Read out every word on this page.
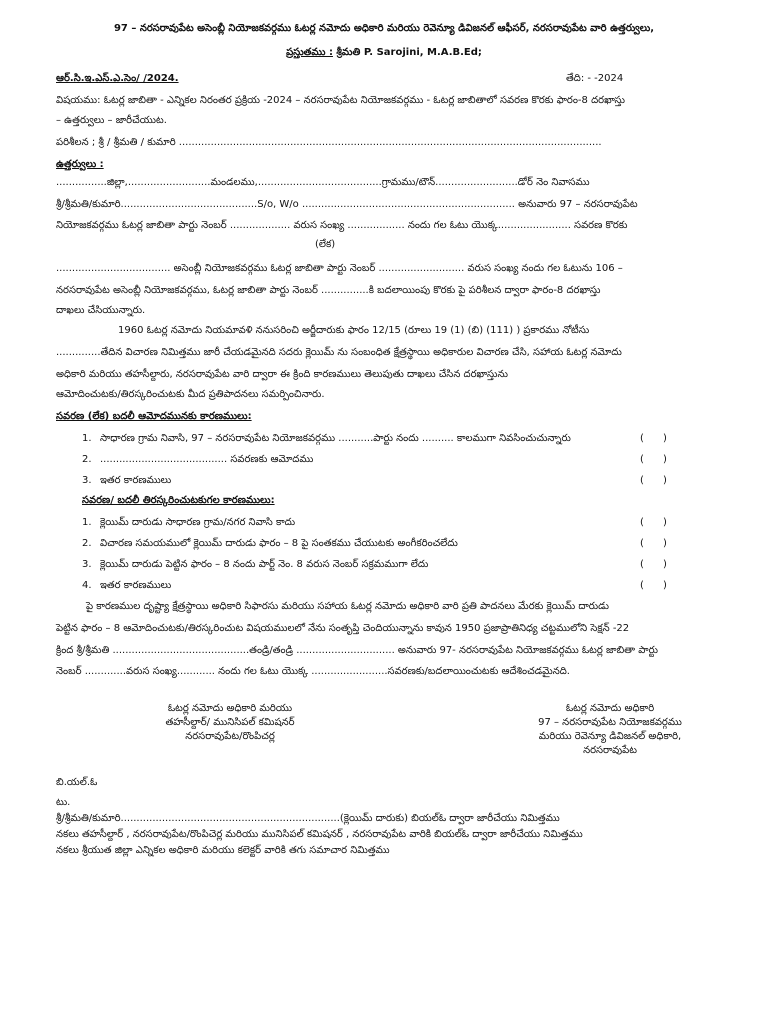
97 – నరసరావుపేట అసెంబ్లీ నియోజకవర్గము ఓటర్ల నమోదు అధికారి మరియు రెవెన్యూ డివిజనల్ ఆఫీసర్, నరసరావుపేట వారి ఉత్తర్వులు,
ప్రస్తుతము : శ్రీమతి P. Sarojini, M.A.B.Ed;
ఆర్.సి.ఇ.ఎస్.ఎ.సెం/ /2024.	తేది: - -2024
విషయము: ఓటర్ల జాబితా - ఎన్నికల నిరంతర ప్రక్రియ -2024 – నరసరావుపేట నియోజకవర్గము - ఓటర్ల జాబితాలో సవరణ కొరకు ఫారం-8 దరఖాస్తు
– ఉత్తర్వులు – జారీచేయుట.
పరిశీలన ; శ్రీ / శ్రీమతి / కుమారి .....................................................................................................................................
ఉత్తర్వులు :
................జిల్లా,..........................మండలము,.......................................గ్రామము/టౌన్..........................డోర్ నెం నివాసము
శ్రీ/శ్రీమతి/కుమారి...........................................S/o, W/o ................................................................... అనువారు 97 – నరసరావుపేట
నియోజకవర్గము ఓటర్ల జాబితా పార్టు నెంబర్ ................... వరుస సంఖ్య .................. నందు గల ఓటు యొక్క....................... సవరణ కొరకు
(లేక)
.................................... అసెంబ్లీ నియోజకవర్గము ఓటర్ల జాబితా పార్టు నెంబర్ ........................... వరుస సంఖ్య నందు గల ఓటును 106 –
నరసరావుపేట అసెంబ్లీ నియోజకవర్గము, ఓటర్ల జాబితా పార్టు నెంబర్ ...............కి బదలాయింపు కొరకు పై పరిశీలన ద్వారా ఫారం-8 దరఖాస్తు
దాఖలు చేసియున్నారు.
1960 ఓటర్ల నమోదు నియమావళి ననుసరించి అర్జీదారుకు ఫారం 12/15 (రూలు 19 (1) (బి) (111) ) ప్రకారము నోటీసు
..............తేదిన విచారణ నిమిత్తము జారీ చేయడమైనది సదరు క్లెయిమ్ ను సంబంధిత క్షేత్రస్థాయి అధికారుల విచారణ చేసి, సహాయ ఓటర్ల నమోదు
అధికారి మరియు తహసీల్దారు, నరసరావుపేట వారి ద్వారా ఈ క్రింది కారణములు తెలుపుతు దాఖలు చేసిన దరఖాస్తును
ఆమోదించుటకు/తిరస్కరించుటకు మీద ప్రతిపాదనలు సమర్పించినారు.
సవరణ (లేక) బదలీ ఆమోదమునకు కారణములు:
1. సాధారణ గ్రామ నివాసి, 97 – నరసరావుపేట నియోజకవర్గము ...........పార్టు నందు .......... కాలముగా నివసించుచున్నారు	(      )
2. ........................................ సవరణకు ఆమోదము	(      )
3. ఇతర కారణములు	(      )
సవరణ/ బదలీ తిరస్కరించుటకుగల కారణములు:
1. క్లెయిమ్ దారుడు సాధారణ గ్రామ/నగర నివాసి కాదు	(      )
2. విచారణ సమయములో క్లెయిమ్ దారుడు ఫారం – 8 పై సంతకము చేయుటకు అంగీకరించలేదు	(      )
3. క్లెయిమ్ దారుడు పెట్టిన ఫారం – 8 నందు పార్ట్ నెం. 8 వరుస నెంబర్ సక్రమముగా లేదు	(      )
4. ఇతర కారణములు	(      )
పై కారణముల దృష్ట్యా క్షేత్రస్థాయి అధికారి సిఫారసు మరియు సహాయ ఓటర్ల నమోదు అధికారి వారి ప్రతి పాదనలు మేరకు క్లెయిమ్ దారుడు
పెట్టిన ఫారం – 8 ఆమోదించుటకు/తిరస్కరించుట విషయములలో నేను సంతృప్తి చెందియున్నాను కావున 1950 ప్రజాప్రాతినిధ్య చట్టములోని సెక్షన్ -22
క్రింద శ్రీ/శ్రీమతి ...........................................తండ్రి/తండ్రి ............................... అనువారు 97- నరసరావుపేట నియోజకవర్గము ఓటర్ల జాబితా పార్టు
నెంబర్ .............వరుస సంఖ్య............ నందు గల ఓటు యొక్క ........................సవరణకు/బదలాయించుటకు ఆదేశించడమైనది.
ఓటర్ల నమోదు అధికారి మరియు
తహసీల్దార్/ మునిసిపల్ కమిషనర్
నరసరావుపేట/రొంపిచర్ల
ఓటర్ల నమోదు అధికారి
97 – నరసరావుపేట నియోజకవర్గము
మరియు రెవెన్యూ డివిజనల్ అధికారి,
నరసరావుపేట
బి.యల్.ఓ
టు.
శ్రీ/శ్రీమతి/కుమారి.....................................................................(క్లెయిమ్ దారుకు) బియల్ఓ ద్వారా జారీచేయు నిమిత్తము
నకలు తహసీల్దార్ , నరసరావుపేట/రొంపిచెర్ల మరియు మునిసిపల్ కమిషనర్ , నరసరావుపేట వారికి బియల్ఓ ద్వారా జారీచేయు నిమిత్తము
నకలు శ్రీయుత జిల్లా ఎన్నికల అధికారి మరియు కలెక్టర్ వారికి తగు సమాచార నిమిత్తము
